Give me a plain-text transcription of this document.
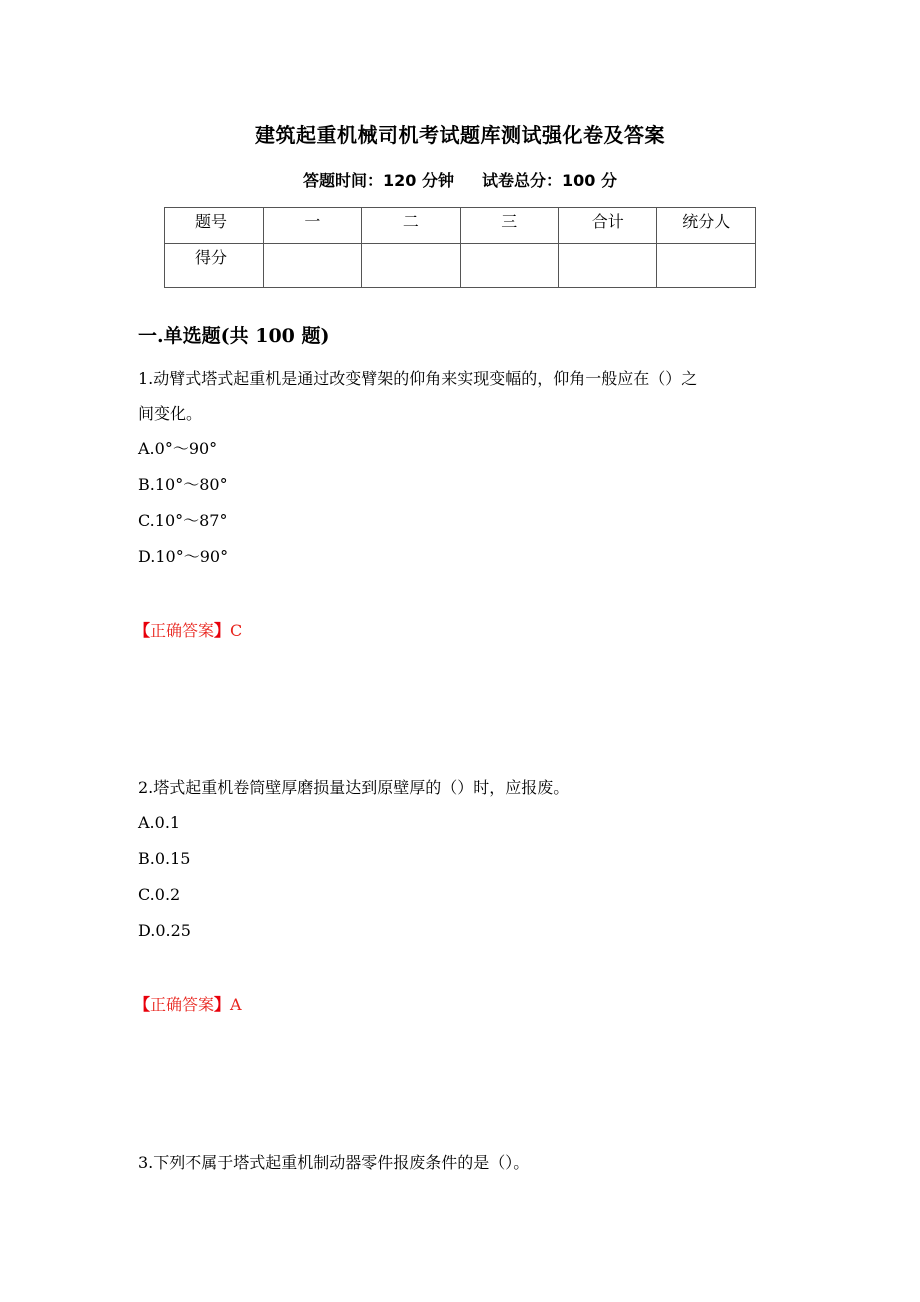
建筑起重机械司机考试题库测试强化卷及答案
答题时间：120 分钟 试卷总分：100 分
题号	一	二	三	合计	统分人
得分					
一.单选题(共 100 题)
1.动臂式塔式起重机是通过改变臂架的仰角来实现变幅的，仰角一般应在（）之
间变化。
A.0°～90°
B.10°～80°
C.10°～87°
D.10°～90°
【正确答案】C
2.塔式起重机卷筒壁厚磨损量达到原壁厚的（）时，应报废。
A.0.1
B.0.15
C.0.2
D.0.25
【正确答案】A
3.下列不属于塔式起重机制动器零件报废条件的是（）。
